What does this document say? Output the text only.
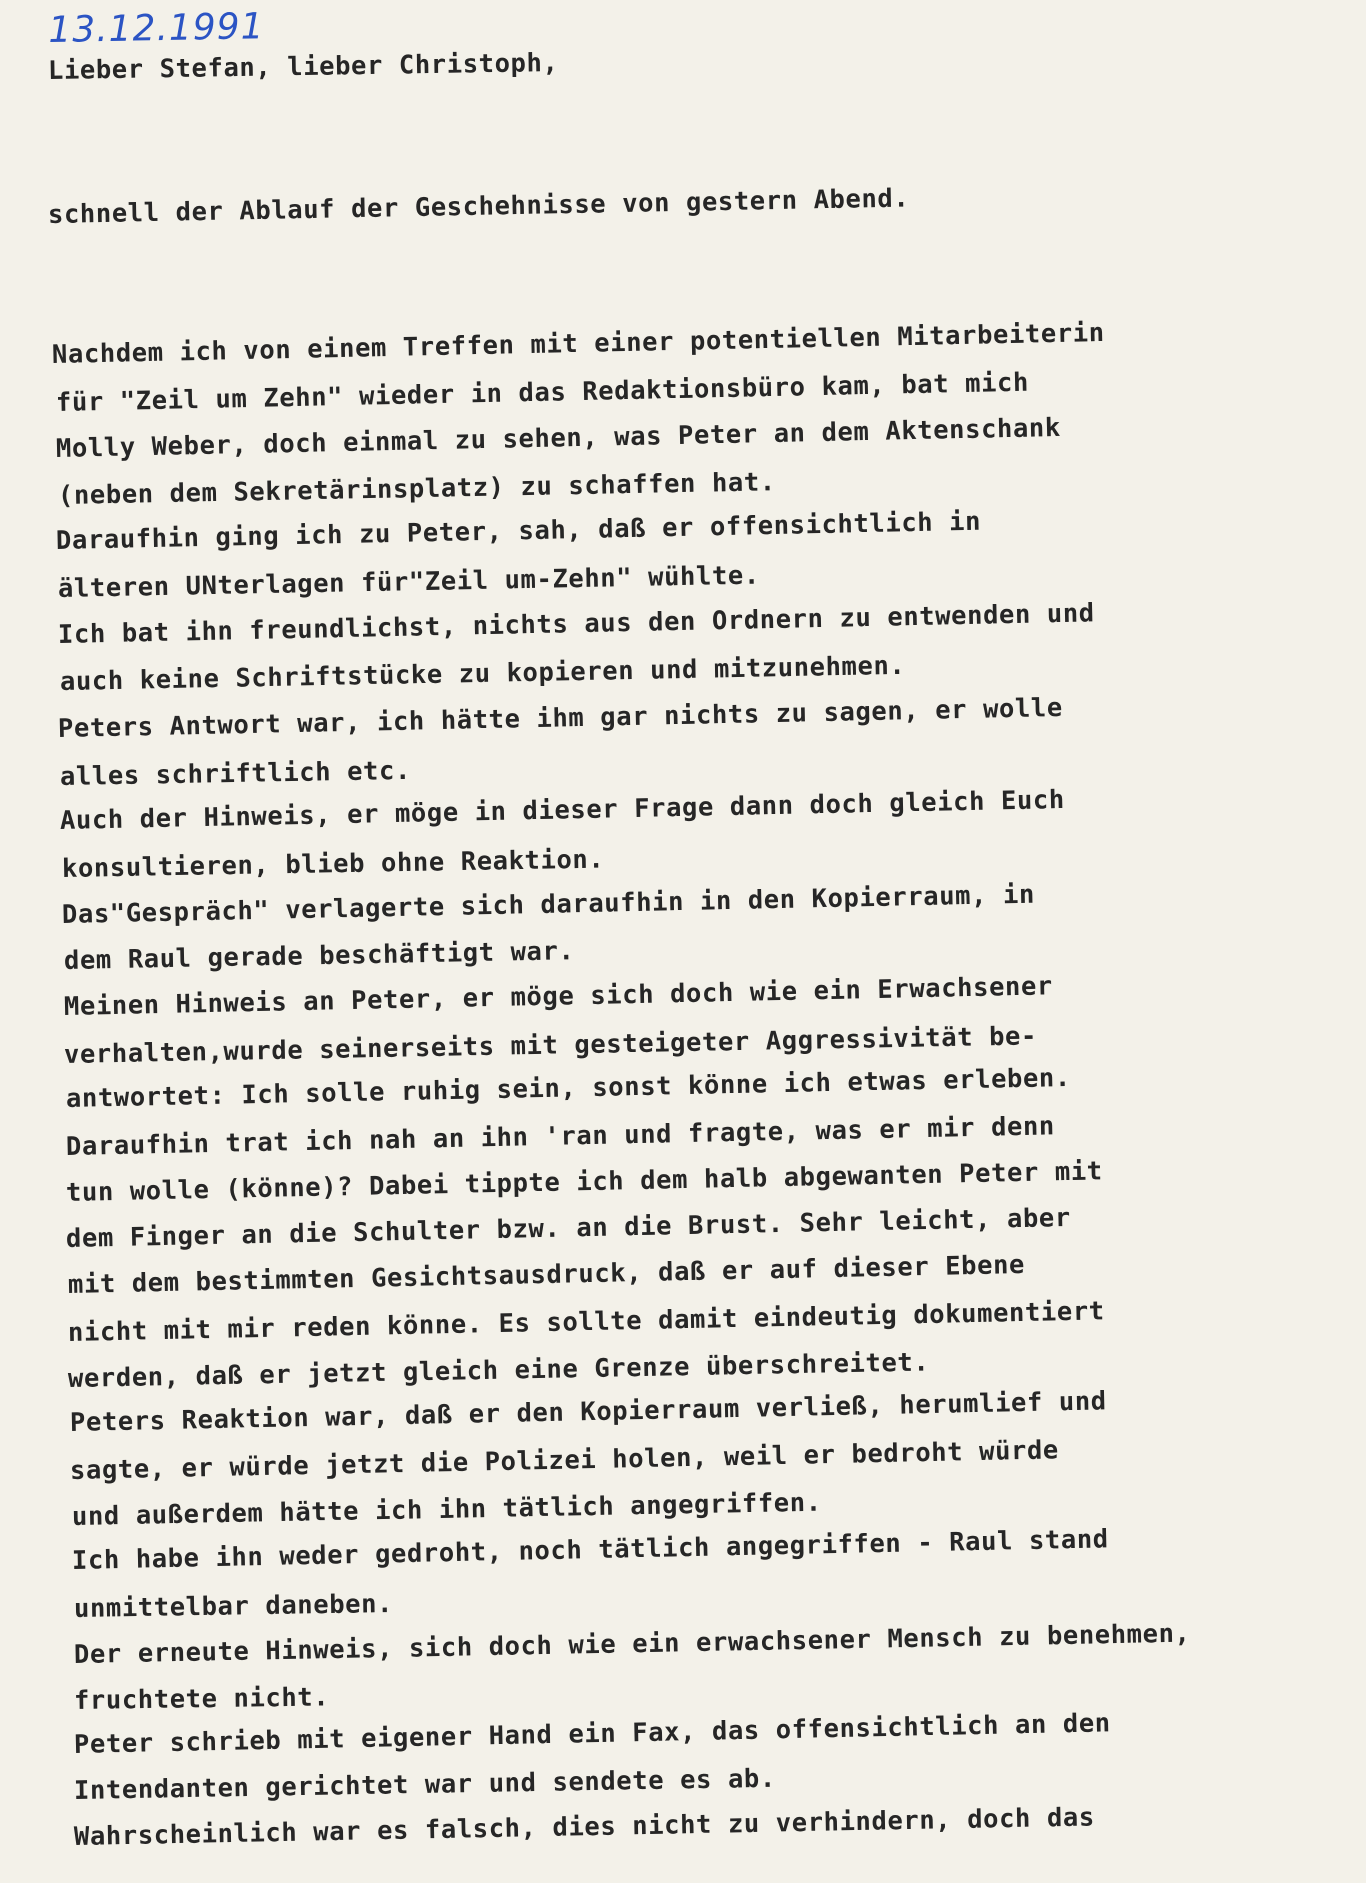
13.12.1991
Lieber Stefan, lieber Christoph,
schnell der Ablauf der Geschehnisse von gestern Abend.
Nachdem ich von einem Treffen mit einer potentiellen Mitarbeiterin
für "Zeil um Zehn" wieder in das Redaktionsbüro kam, bat mich
Molly Weber, doch einmal zu sehen, was Peter an dem Aktenschank
(neben dem Sekretärinsplatz) zu schaffen hat.
Daraufhin ging ich zu Peter, sah, daß er offensichtlich in
älteren UNterlagen für"Zeil um-Zehn" wühlte.
Ich bat ihn freundlichst, nichts aus den Ordnern zu entwenden und
auch keine Schriftstücke zu kopieren und mitzunehmen.
Peters Antwort war, ich hätte ihm gar nichts zu sagen, er wolle
alles schriftlich etc.
Auch der Hinweis, er möge in dieser Frage dann doch gleich Euch
konsultieren, blieb ohne Reaktion.
Das"Gespräch" verlagerte sich daraufhin in den Kopierraum, in
dem Raul gerade beschäftigt war.
Meinen Hinweis an Peter, er möge sich doch wie ein Erwachsener
verhalten,wurde seinerseits mit gesteigeter Aggressivität be-
antwortet: Ich solle ruhig sein, sonst könne ich etwas erleben.
Daraufhin trat ich nah an ihn 'ran und fragte, was er mir denn
tun wolle (könne)? Dabei tippte ich dem halb abgewanten Peter mit
dem Finger an die Schulter bzw. an die Brust. Sehr leicht, aber
mit dem bestimmten Gesichtsausdruck, daß er auf dieser Ebene
nicht mit mir reden könne. Es sollte damit eindeutig dokumentiert
werden, daß er jetzt gleich eine Grenze überschreitet.
Peters Reaktion war, daß er den Kopierraum verließ, herumlief und
sagte, er würde jetzt die Polizei holen, weil er bedroht würde
und außerdem hätte ich ihn tätlich angegriffen.
Ich habe ihn weder gedroht, noch tätlich angegriffen - Raul stand
unmittelbar daneben.
Der erneute Hinweis, sich doch wie ein erwachsener Mensch zu benehmen,
fruchtete nicht.
Peter schrieb mit eigener Hand ein Fax, das offensichtlich an den
Intendanten gerichtet war und sendete es ab.
Wahrscheinlich war es falsch, dies nicht zu verhindern, doch das
